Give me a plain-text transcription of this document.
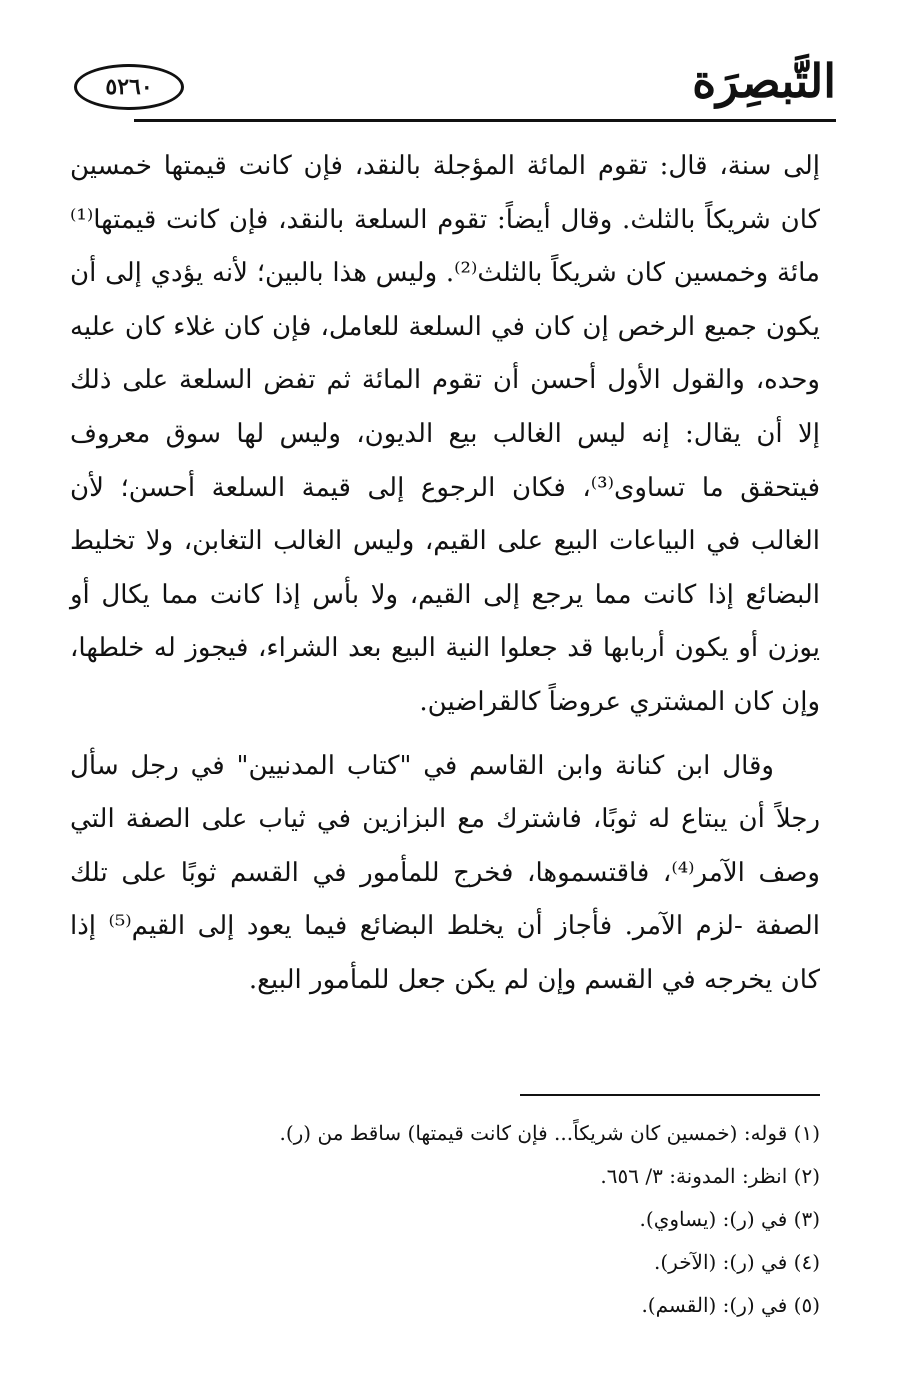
التَّبصِرَة
٥٢٦٠

إلى سنة، قال: تقوم المائة المؤجلة بالنقد، فإن كانت قيمتها خمسين كان شريكاً بالثلث. وقال أيضاً: تقوم السلعة بالنقد، فإن كانت قيمتها⁽¹⁾ مائة وخمسين كان شريكاً بالثلث⁽²⁾. وليس هذا بالبين؛ لأنه يؤدي إلى أن يكون جميع الرخص إن كان في السلعة للعامل، فإن كان غلاء كان عليه وحده، والقول الأول أحسن أن تقوم المائة ثم تفض السلعة على ذلك إلا أن يقال: إنه ليس الغالب بيع الديون، وليس لها سوق معروف فيتحقق ما تساوى⁽³⁾، فكان الرجوع إلى قيمة السلعة أحسن؛ لأن الغالب في البياعات البيع على القيم، وليس الغالب التغابن، ولا تخليط البضائع إذا كانت مما يرجع إلى القيم، ولا بأس إذا كانت مما يكال أو يوزن أو يكون أربابها قد جعلوا النية البيع بعد الشراء، فيجوز له خلطها، وإن كان المشتري عروضاً كالقراضين.

وقال ابن كنانة وابن القاسم في "كتاب المدنيين" في رجل سأل رجلاً أن يبتاع له ثوبًا، فاشترك مع البزازين في ثياب على الصفة التي وصف الآمر⁽⁴⁾، فاقتسموها، فخرج للمأمور في القسم ثوبًا على تلك الصفة -لزم الآمر. فأجاز أن يخلط البضائع فيما يعود إلى القيم⁽⁵⁾ إذا كان يخرجه في القسم وإن لم يكن جعل للمأمور البيع.

(١) قوله: (خمسين كان شريكاً... فإن كانت قيمتها) ساقط من (ر).
(٢) انظر: المدونة: ٣/ ٦٥٦.
(٣) في (ر): (يساوي).
(٤) في (ر): (الآخر).
(٥) في (ر): (القسم).
